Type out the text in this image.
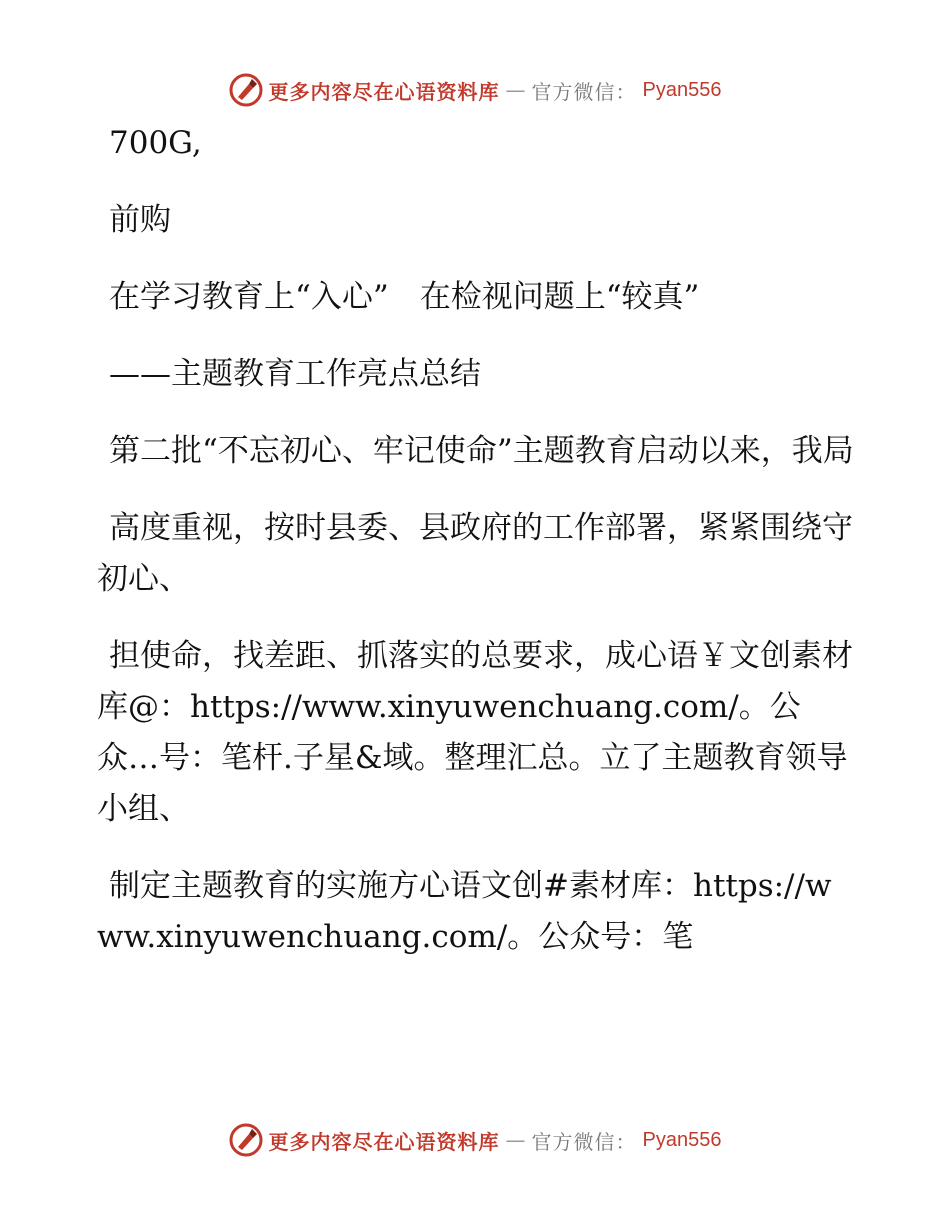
更多内容尽在心语资料库 — 官方微信： Pyan556

700G,

前购

在学习教育上“入心”　在检视问题上“较真”

——主题教育工作亮点总结

第二批“不忘初心、牢记使命”主题教育启动以来，我局

高度重视，按时县委、县政府的工作部署，紧紧围绕守初心、

担使命，找差距、抓落实的总要求，成心语￥文创素材库@：https://www.xinyuwenchuang.com/。公众…号：笔杆.子星&域。整理汇总。立了主题教育领导小组、

制定主题教育的实施方心语文创#素材库：https://www.xinyuwenchuang.com/。公众号：笔

更多内容尽在心语资料库 — 官方微信： Pyan556
